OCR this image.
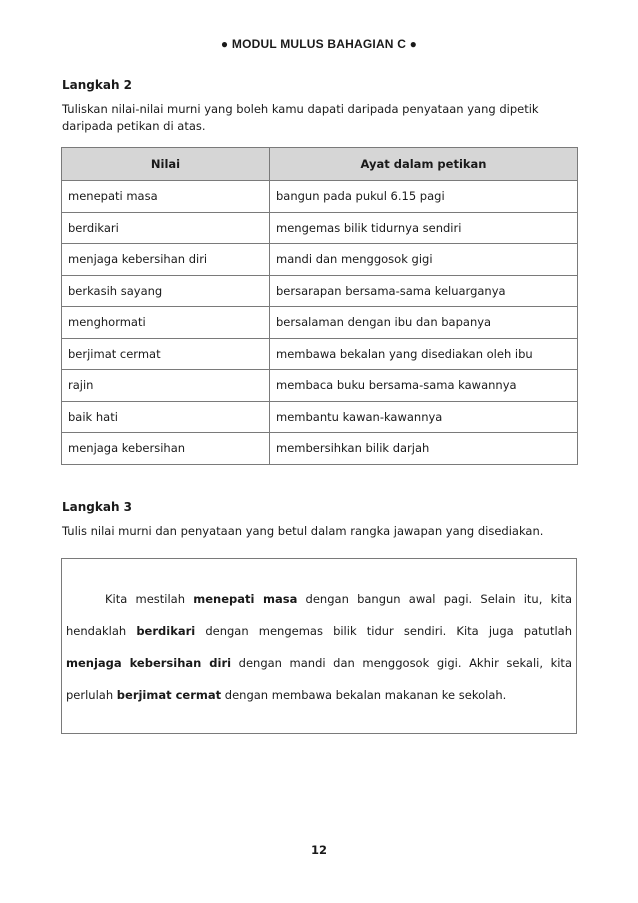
● MODUL MULUS BAHAGIAN C ●
Langkah 2
Tuliskan nilai-nilai murni yang boleh kamu dapati daripada penyataan yang dipetik daripada petikan di atas.
Nilai	Ayat dalam petikan
menepati masa	bangun pada pukul 6.15 pagi
berdikari	mengemas bilik tidurnya sendiri
menjaga kebersihan diri	mandi dan menggosok gigi
berkasih sayang	bersarapan bersama-sama keluarganya
menghormati	bersalaman dengan ibu dan bapanya
berjimat cermat	membawa bekalan yang disediakan oleh ibu
rajin	membaca buku bersama-sama kawannya
baik hati	membantu kawan-kawannya
menjaga kebersihan	membersihkan bilik darjah
Langkah 3
Tulis nilai murni dan penyataan yang betul dalam rangka jawapan yang disediakan.
Kita mestilah menepati masa dengan bangun awal pagi. Selain itu, kita hendaklah berdikari dengan mengemas bilik tidur sendiri. Kita juga patutlah menjaga kebersihan diri dengan mandi dan menggosok gigi. Akhir sekali, kita perlulah berjimat cermat dengan membawa bekalan makanan ke sekolah.
12
